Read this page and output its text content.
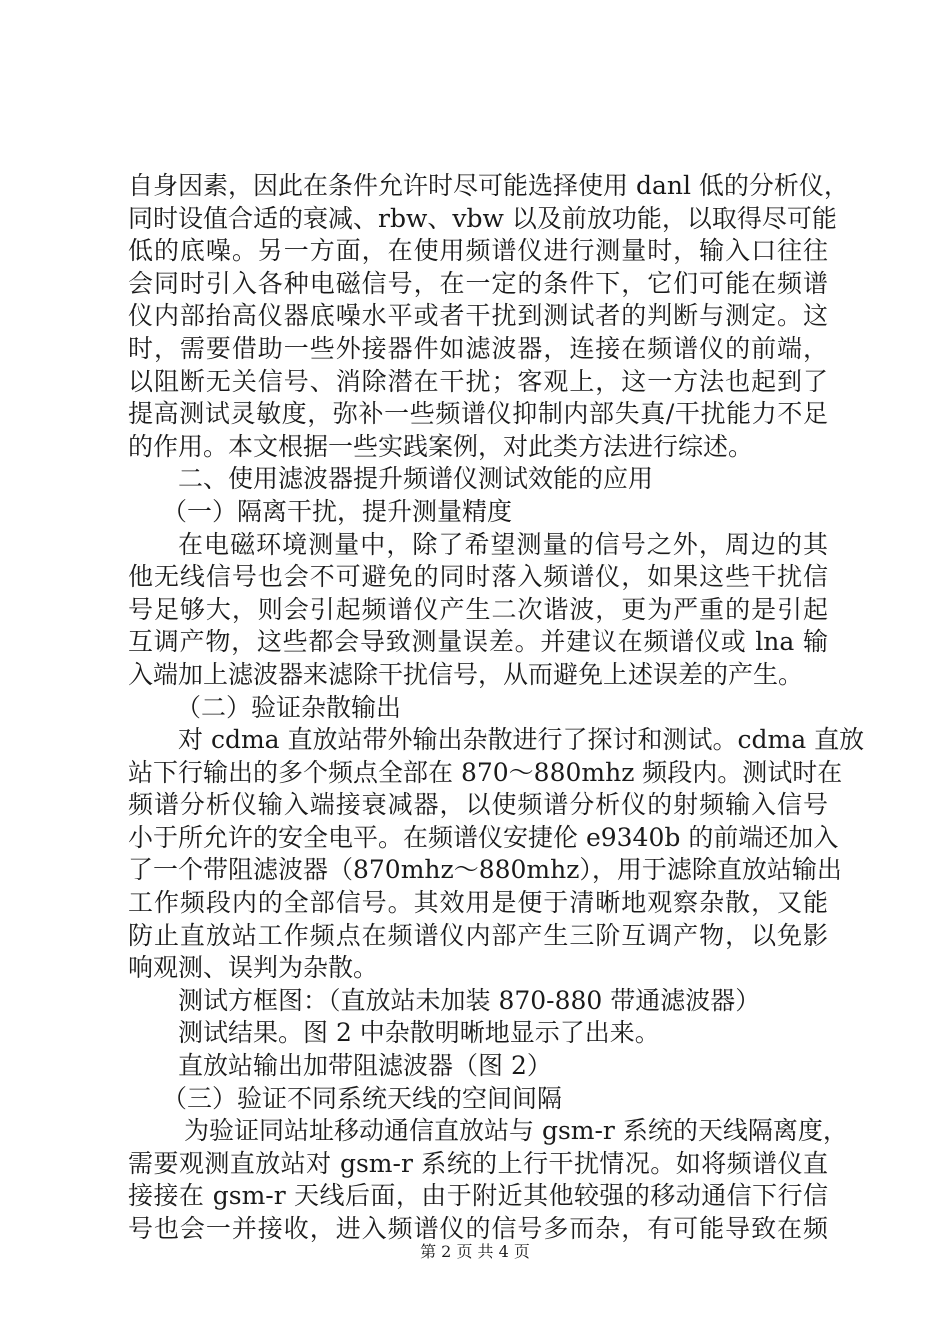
自身因素，因此在条件允许时尽可能选择使用 danl 低的分析仪，
同时设值合适的衰减、rbw、vbw 以及前放功能，以取得尽可能
低的底噪。另一方面，在使用频谱仪进行测量时，输入口往往
会同时引入各种电磁信号，在一定的条件下，它们可能在频谱
仪内部抬高仪器底噪水平或者干扰到测试者的判断与测定。这
时，需要借助一些外接器件如滤波器，连接在频谱仪的前端，
以阻断无关信号、消除潜在干扰；客观上，这一方法也起到了
提高测试灵敏度，弥补一些频谱仪抑制内部失真/干扰能力不足
的作用。本文根据一些实践案例，对此类方法进行综述。
二、使用滤波器提升频谱仪测试效能的应用
（一）隔离干扰，提升测量精度
在电磁环境测量中，除了希望测量的信号之外，周边的其
他无线信号也会不可避免的同时落入频谱仪，如果这些干扰信
号足够大，则会引起频谱仪产生二次谐波，更为严重的是引起
互调产物，这些都会导致测量误差。并建议在频谱仪或 lna 输
入端加上滤波器来滤除干扰信号，从而避免上述误差的产生。
（二）验证杂散输出
对 cdma 直放站带外输出杂散进行了探讨和测试。cdma 直放
站下行输出的多个频点全部在 870～880mhz 频段内。测试时在
频谱分析仪输入端接衰减器，以使频谱分析仪的射频输入信号
小于所允许的安全电平。在频谱仪安捷伦 e9340b 的前端还加入
了一个带阻滤波器（870mhz～880mhz），用于滤除直放站输出
工作频段内的全部信号。其效用是便于清晰地观察杂散，又能
防止直放站工作频点在频谱仪内部产生三阶互调产物，以免影
响观测、误判为杂散。
测试方框图：（直放站未加装 870-880 带通滤波器）
测试结果。图 2 中杂散明晰地显示了出来。
直放站输出加带阻滤波器（图 2）
（三）验证不同系统天线的空间间隔
为验证同站址移动通信直放站与 gsm-r 系统的天线隔离度，
需要观测直放站对 gsm-r 系统的上行干扰情况。如将频谱仪直
接接在 gsm-r 天线后面，由于附近其他较强的移动通信下行信
号也会一并接收，进入频谱仪的信号多而杂，有可能导致在频
第 2 页 共 4 页
